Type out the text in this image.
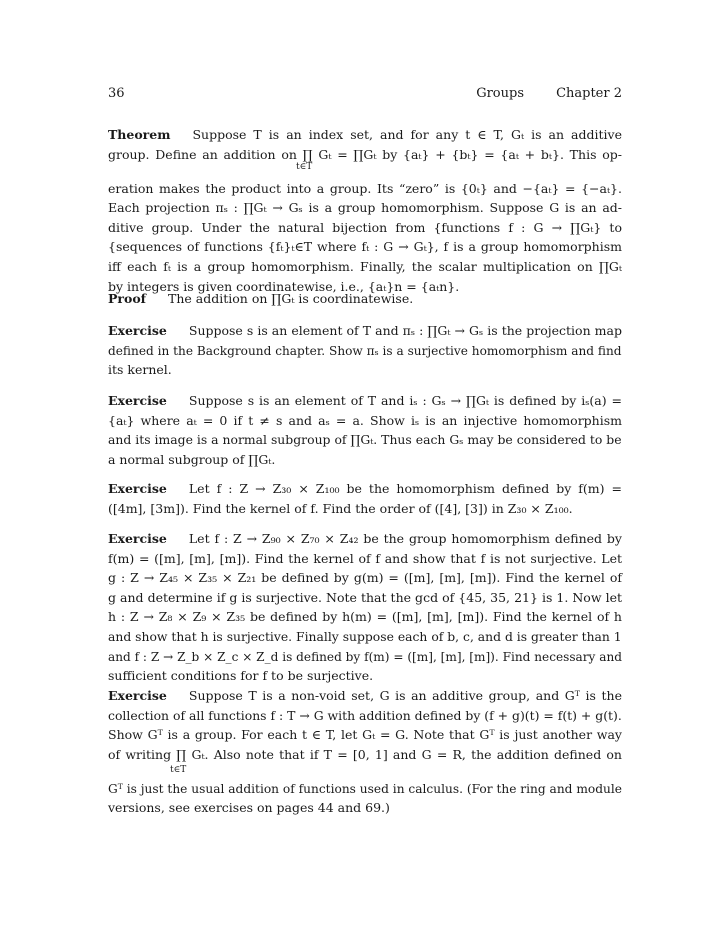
36	Groups Chapter 2
Theorem Suppose T is an index set, and for any t ∈ T, Gₜ is an additive
group. Define an addition on ∏ Gₜ = ∏Gₜ by {aₜ} + {bₜ} = {aₜ + bₜ}. This op-
t∈T
eration makes the product into a group. Its “zero” is {0ₜ} and −{aₜ} = {−aₜ}.
Each projection πₛ : ∏Gₜ → Gₛ is a group homomorphism. Suppose G is an ad-
ditive group. Under the natural bijection from {functions f : G → ∏Gₜ} to
{sequences of functions {fₜ}ₜ∈T where fₜ : G → Gₜ}, f is a group homomorphism
iff each fₜ is a group homomorphism. Finally, the scalar multiplication on ∏Gₜ
by integers is given coordinatewise, i.e., {aₜ}n = {aₜn}.
Proof The addition on ∏Gₜ is coordinatewise.
Exercise Suppose s is an element of T and πₛ : ∏Gₜ → Gₛ is the projection map
defined in the Background chapter. Show πₛ is a surjective homomorphism and find
its kernel.
Exercise Suppose s is an element of T and iₛ : Gₛ → ∏Gₜ is defined by iₛ(a) =
{aₜ} where aₜ = 0 if t ≠ s and aₛ = a. Show iₛ is an injective homomorphism
and its image is a normal subgroup of ∏Gₜ. Thus each Gₛ may be considered to be
a normal subgroup of ∏Gₜ.
Exercise Let f : Z → Z₃₀ × Z₁₀₀ be the homomorphism defined by f(m) =
([4m], [3m]). Find the kernel of f. Find the order of ([4], [3]) in Z₃₀ × Z₁₀₀.
Exercise Let f : Z → Z₉₀ × Z₇₀ × Z₄₂ be the group homomorphism defined by
f(m) = ([m], [m], [m]). Find the kernel of f and show that f is not surjective. Let
g : Z → Z₄₅ × Z₃₅ × Z₂₁ be defined by g(m) = ([m], [m], [m]). Find the kernel of
g and determine if g is surjective. Note that the gcd of {45, 35, 21} is 1. Now let
h : Z → Z₈ × Z₉ × Z₃₅ be defined by h(m) = ([m], [m], [m]). Find the kernel of h
and show that h is surjective. Finally suppose each of b, c, and d is greater than 1
and f : Z → Z_b × Z_c × Z_d is defined by f(m) = ([m], [m], [m]). Find necessary and
sufficient conditions for f to be surjective.
Exercise Suppose T is a non-void set, G is an additive group, and Gᵀ is the
collection of all functions f : T → G with addition defined by (f + g)(t) = f(t) + g(t).
Show Gᵀ is a group. For each t ∈ T, let Gₜ = G. Note that Gᵀ is just another way
of writing ∏ Gₜ. Also note that if T = [0, 1] and G = R, the addition defined on
t∈T
Gᵀ is just the usual addition of functions used in calculus. (For the ring and module
versions, see exercises on pages 44 and 69.)
